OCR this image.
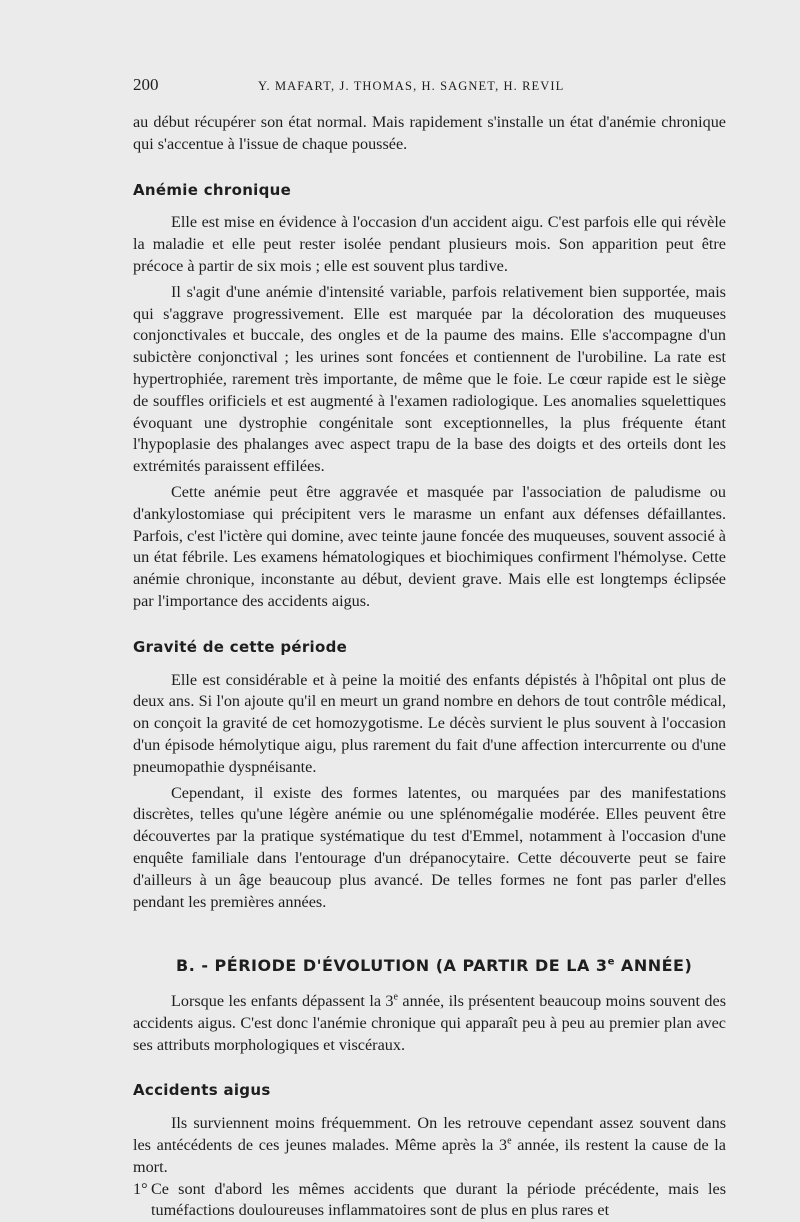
200	Y. MAFART, J. THOMAS, H. SAGNET, H. REVIL

au début récupérer son état normal. Mais rapidement s'installe un état d'anémie chronique qui s'accentue à l'issue de chaque poussée.

Anémie chronique

Elle est mise en évidence à l'occasion d'un accident aigu. C'est parfois elle qui révèle la maladie et elle peut rester isolée pendant plusieurs mois. Son apparition peut être précoce à partir de six mois ; elle est souvent plus tardive.

Il s'agit d'une anémie d'intensité variable, parfois relativement bien supportée, mais qui s'aggrave progressivement. Elle est marquée par la décoloration des muqueuses conjonctivales et buccale, des ongles et de la paume des mains. Elle s'accompagne d'un subictère conjonctival ; les urines sont foncées et contiennent de l'urobiline. La rate est hypertrophiée, rarement très importante, de même que le foie. Le cœur rapide est le siège de souffles orificiels et est augmenté à l'examen radiologique. Les anomalies squelettiques évoquant une dystrophie congénitale sont exceptionnelles, la plus fréquente étant l'hypoplasie des phalanges avec aspect trapu de la base des doigts et des orteils dont les extrémités paraissent effilées.

Cette anémie peut être aggravée et masquée par l'association de paludisme ou d'ankylostomiase qui précipitent vers le marasme un enfant aux défenses défaillantes. Parfois, c'est l'ictère qui domine, avec teinte jaune foncée des muqueuses, souvent associé à un état fébrile. Les examens hématologiques et biochimiques confirment l'hémolyse. Cette anémie chronique, inconstante au début, devient grave. Mais elle est longtemps éclipsée par l'importance des accidents aigus.

Gravité de cette période

Elle est considérable et à peine la moitié des enfants dépistés à l'hôpital ont plus de deux ans. Si l'on ajoute qu'il en meurt un grand nombre en dehors de tout contrôle médical, on conçoit la gravité de cet homozygotisme. Le décès survient le plus souvent à l'occasion d'un épisode hémolytique aigu, plus rarement du fait d'une affection intercurrente ou d'une pneumopathie dyspnéisante.

Cependant, il existe des formes latentes, ou marquées par des manifestations discrètes, telles qu'une légère anémie ou une splénomégalie modérée. Elles peuvent être découvertes par la pratique systématique du test d'Emmel, notamment à l'occasion d'une enquête familiale dans l'entourage d'un drépanocytaire. Cette découverte peut se faire d'ailleurs à un âge beaucoup plus avancé. De telles formes ne font pas parler d'elles pendant les premières années.

B. - PÉRIODE D'ÉVOLUTION (A PARTIR DE LA 3e ANNÉE)

Lorsque les enfants dépassent la 3e année, ils présentent beaucoup moins souvent des accidents aigus. C'est donc l'anémie chronique qui apparaît peu à peu au premier plan avec ses attributs morphologiques et viscéraux.

Accidents aigus

Ils surviennent moins fréquemment. On les retrouve cependant assez souvent dans les antécédents de ces jeunes malades. Même après la 3e année, ils restent la cause de la mort.

1° Ce sont d'abord les mêmes accidents que durant la période précédente, mais les tuméfactions douloureuses inflammatoires sont de plus en plus rares et
